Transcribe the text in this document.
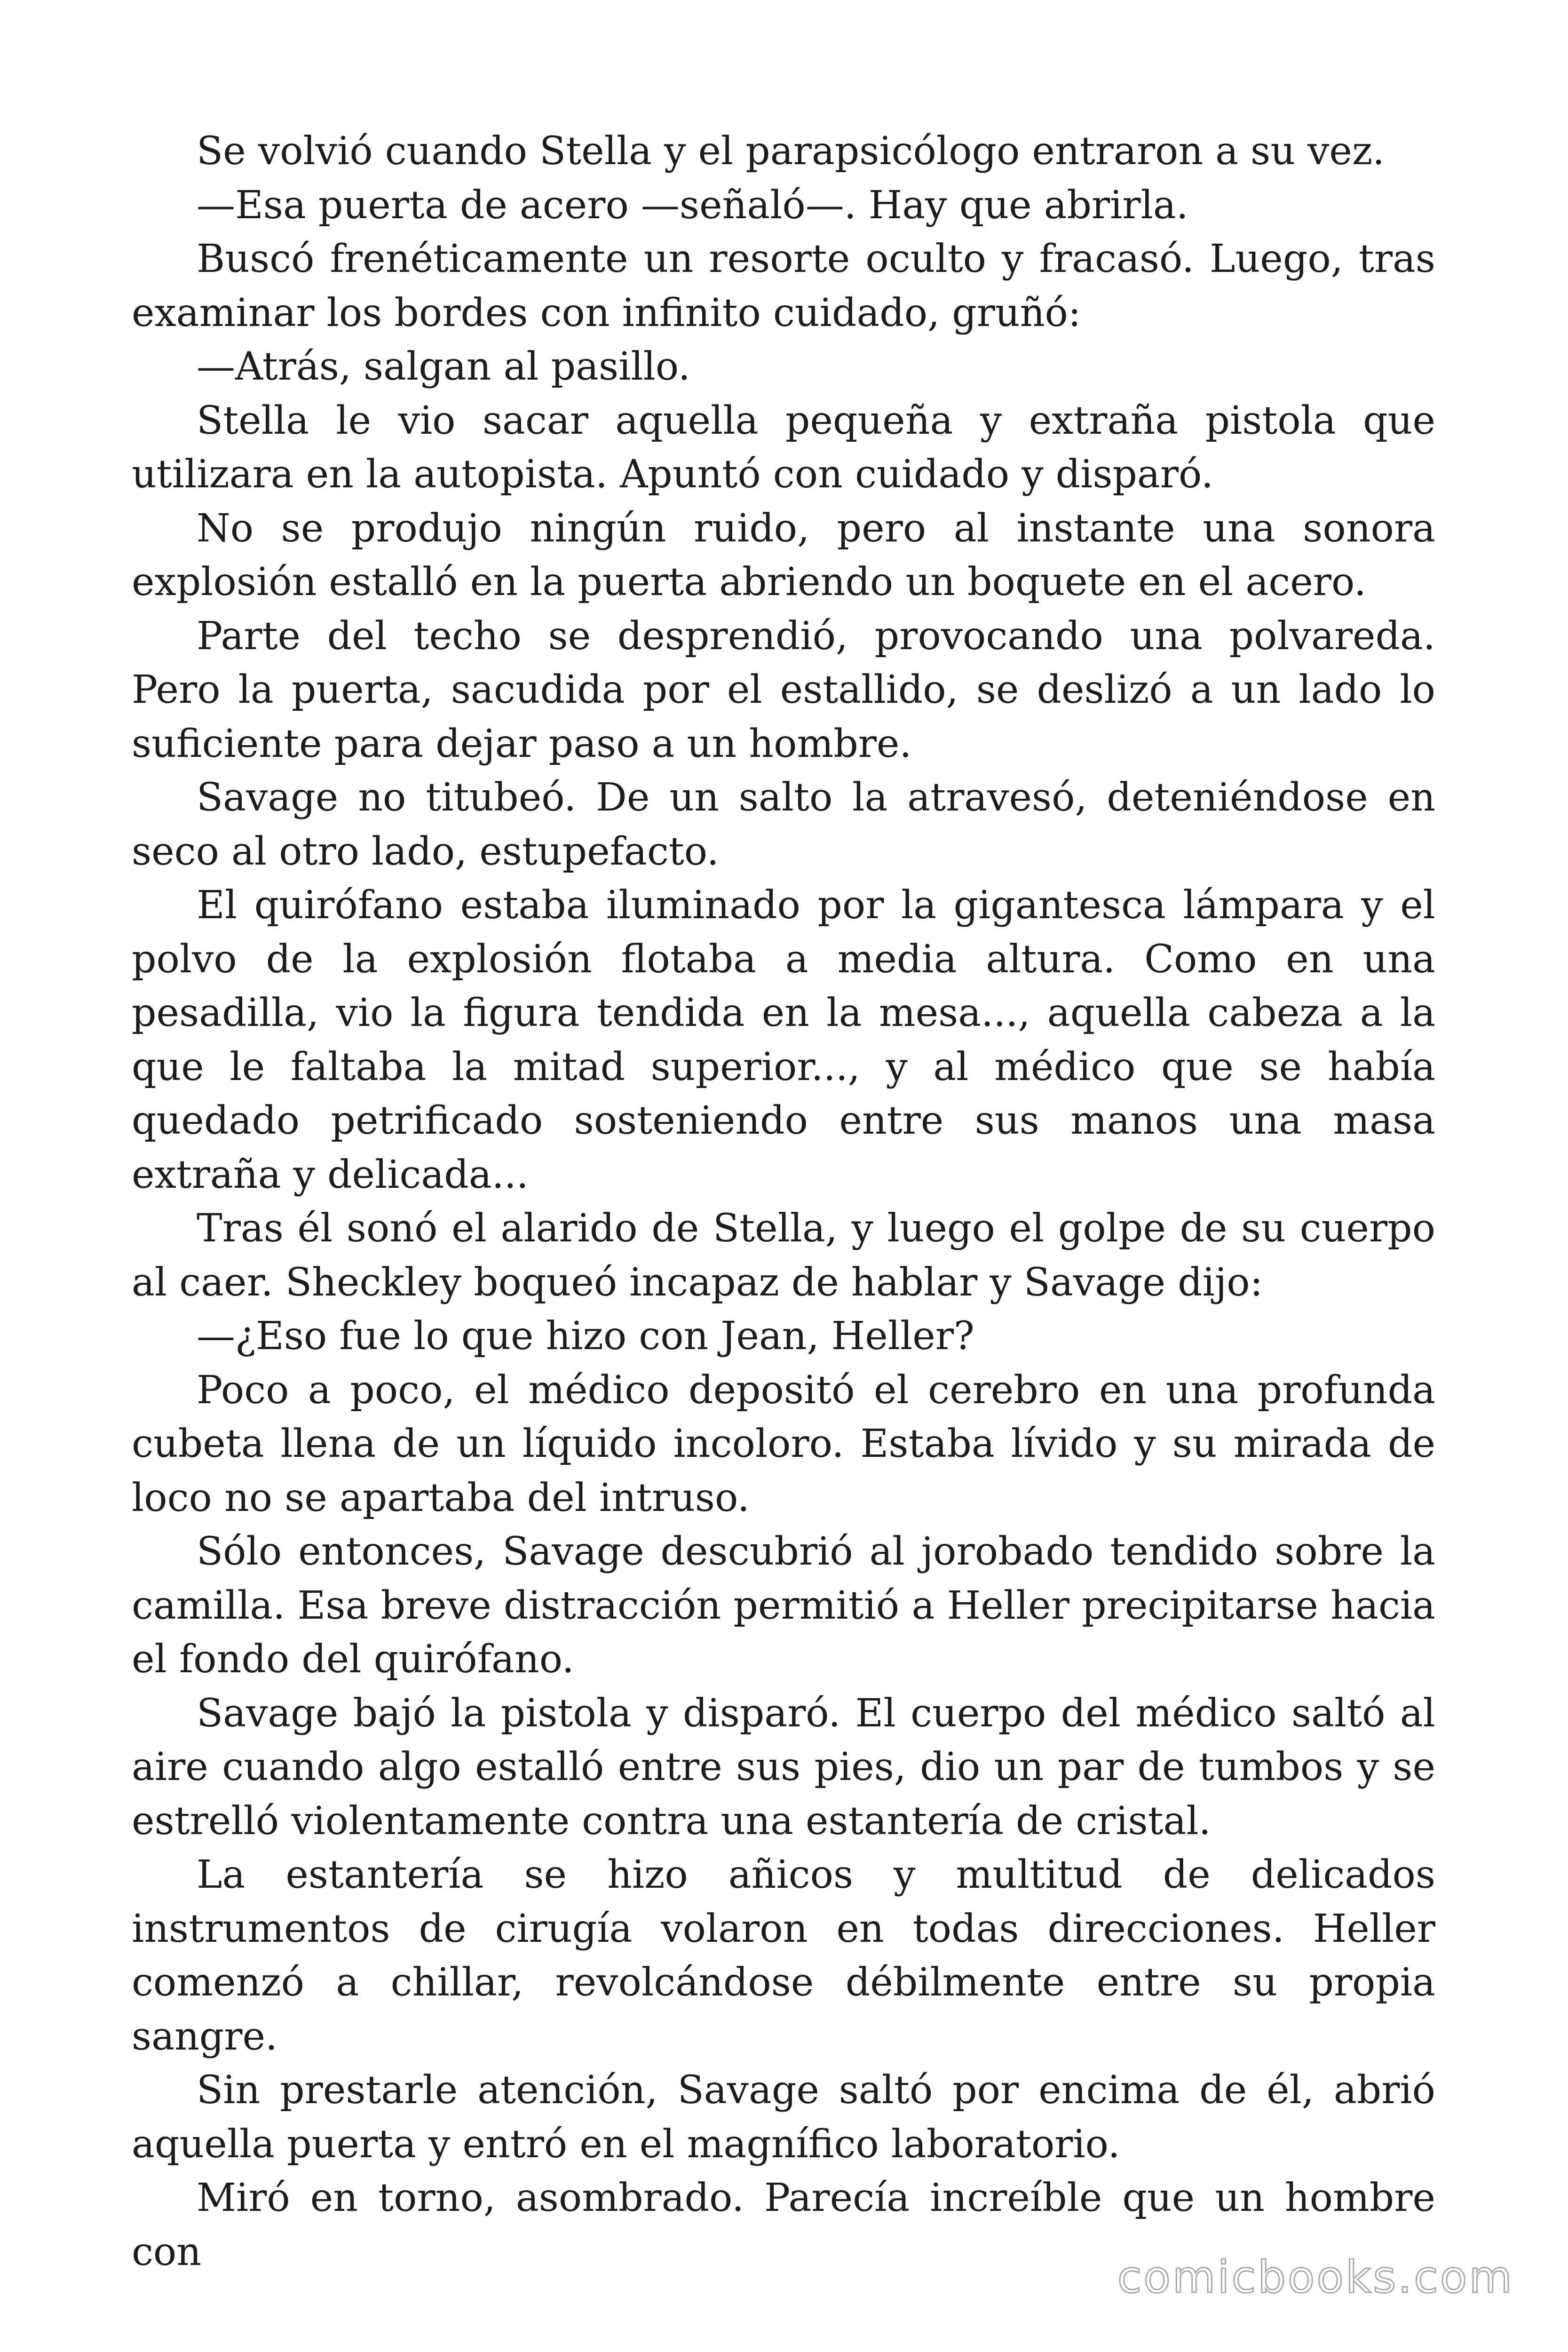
Se volvió cuando Stella y el parapsicólogo entraron a su vez.

—Esa puerta de acero —señaló—. Hay que abrirla.

Buscó frenéticamente un resorte oculto y fracasó. Luego, tras examinar los bordes con infinito cuidado, gruñó:

—Atrás, salgan al pasillo.

Stella le vio sacar aquella pequeña y extraña pistola que utilizara en la autopista. Apuntó con cuidado y disparó.

No se produjo ningún ruido, pero al instante una sonora explosión estalló en la puerta abriendo un boquete en el acero.

Parte del techo se desprendió, provocando una polvareda. Pero la puerta, sacudida por el estallido, se deslizó a un lado lo suficiente para dejar paso a un hombre.

Savage no titubeó. De un salto la atravesó, deteniéndose en seco al otro lado, estupefacto.

El quirófano estaba iluminado por la gigantesca lámpara y el polvo de la explosión flotaba a media altura. Como en una pesadilla, vio la figura tendida en la mesa..., aquella cabeza a la que le faltaba la mitad superior..., y al médico que se había quedado petrificado sosteniendo entre sus manos una masa extraña y delicada...

Tras él sonó el alarido de Stella, y luego el golpe de su cuerpo al caer. Sheckley boqueó incapaz de hablar y Savage dijo:

—¿Eso fue lo que hizo con Jean, Heller?

Poco a poco, el médico depositó el cerebro en una profunda cubeta llena de un líquido incoloro. Estaba lívido y su mirada de loco no se apartaba del intruso.

Sólo entonces, Savage descubrió al jorobado tendido sobre la camilla. Esa breve distracción permitió a Heller precipitarse hacia el fondo del quirófano.

Savage bajó la pistola y disparó. El cuerpo del médico saltó al aire cuando algo estalló entre sus pies, dio un par de tumbos y se estrelló violentamente contra una estantería de cristal.

La estantería se hizo añicos y multitud de delicados instrumentos de cirugía volaron en todas direcciones. Heller comenzó a chillar, revolcándose débilmente entre su propia sangre.

Sin prestarle atención, Savage saltó por encima de él, abrió aquella puerta y entró en el magnífico laboratorio.

Miró en torno, asombrado. Parecía increíble que un hombre con	comicbooks.com
